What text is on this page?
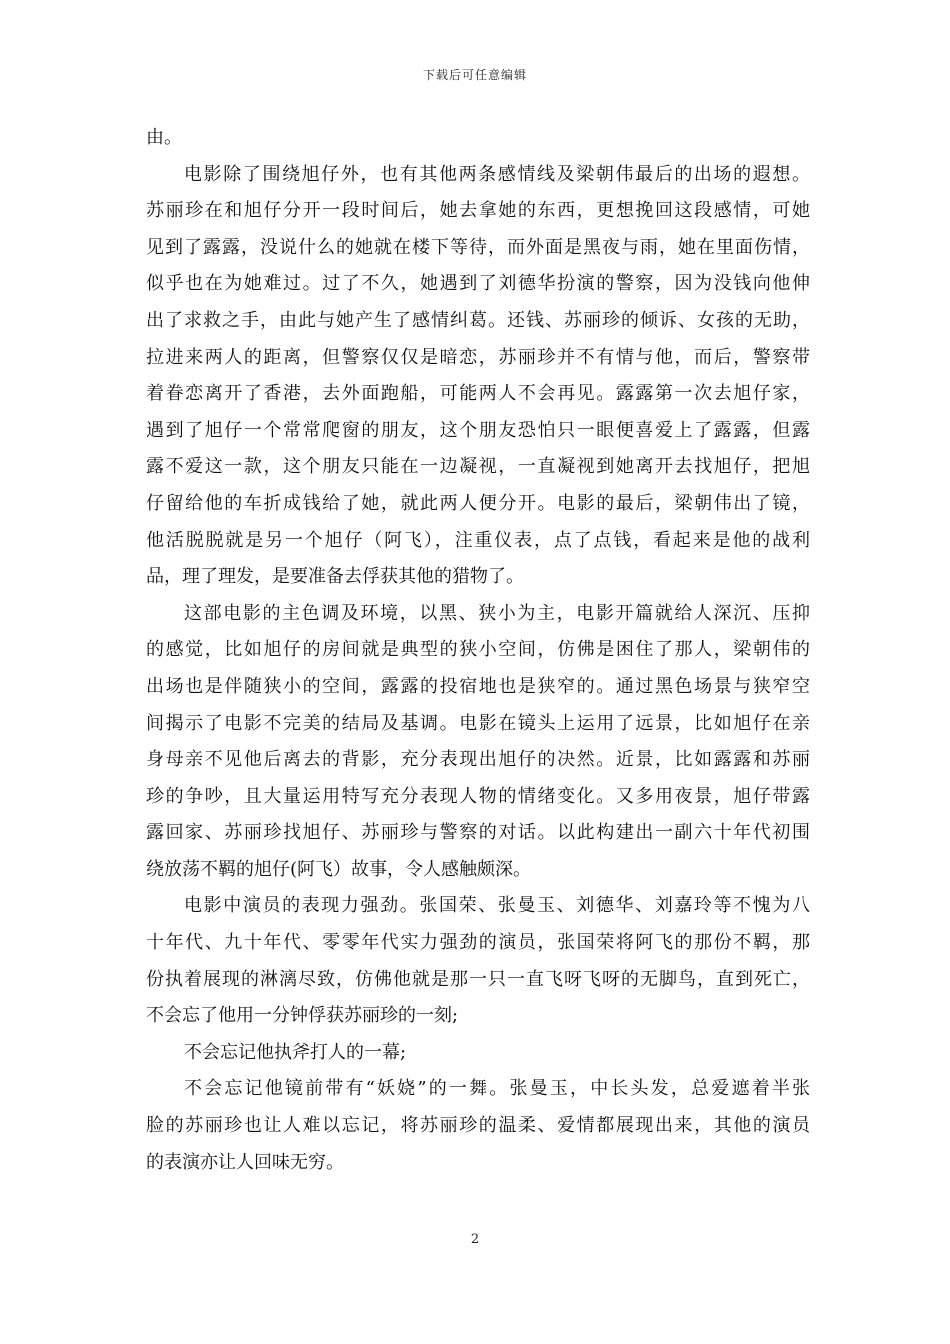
下载后可任意编辑
由。
电影除了围绕旭仔外，也有其他两条感情线及梁朝伟最后的出场的遐想。
苏丽珍在和旭仔分开一段时间后，她去拿她的东西，更想挽回这段感情，可她
见到了露露，没说什么的她就在楼下等待，而外面是黑夜与雨，她在里面伤情，
似乎也在为她难过。过了不久，她遇到了刘德华扮演的警察，因为没钱向他伸
出了求救之手，由此与她产生了感情纠葛。还钱、苏丽珍的倾诉、女孩的无助，
拉进来两人的距离，但警察仅仅是暗恋，苏丽珍并不有情与他，而后，警察带
着眷恋离开了香港，去外面跑船，可能两人不会再见。露露第一次去旭仔家，
遇到了旭仔一个常常爬窗的朋友，这个朋友恐怕只一眼便喜爱上了露露，但露
露不爱这一款，这个朋友只能在一边凝视，一直凝视到她离开去找旭仔，把旭
仔留给他的车折成钱给了她，就此两人便分开。电影的最后，梁朝伟出了镜，
他活脱脱就是另一个旭仔（阿飞），注重仪表，点了点钱，看起来是他的战利
品，理了理发，是要准备去俘获其他的猎物了。
这部电影的主色调及环境，以黑、狭小为主，电影开篇就给人深沉、压抑
的感觉，比如旭仔的房间就是典型的狭小空间，仿佛是困住了那人，梁朝伟的
出场也是伴随狭小的空间，露露的投宿地也是狭窄的。通过黑色场景与狭窄空
间揭示了电影不完美的结局及基调。电影在镜头上运用了远景，比如旭仔在亲
身母亲不见他后离去的背影，充分表现出旭仔的决然。近景，比如露露和苏丽
珍的争吵，且大量运用特写充分表现人物的情绪变化。又多用夜景，旭仔带露
露回家、苏丽珍找旭仔、苏丽珍与警察的对话。以此构建出一副六十年代初围
绕放荡不羁的旭仔(阿飞）故事，令人感触颇深。
电影中演员的表现力强劲。张国荣、张曼玉、刘德华、刘嘉玲等不愧为八
十年代、九十年代、零零年代实力强劲的演员，张国荣将阿飞的那份不羁，那
份执着展现的淋漓尽致，仿佛他就是那一只一直飞呀飞呀的无脚鸟，直到死亡，
不会忘了他用一分钟俘获苏丽珍的一刻;
不会忘记他执斧打人的一幕;
不会忘记他镜前带有“妖娆”的一舞。张曼玉，中长头发，总爱遮着半张
脸的苏丽珍也让人难以忘记，将苏丽珍的温柔、爱情都展现出来，其他的演员
的表演亦让人回味无穷。
2
